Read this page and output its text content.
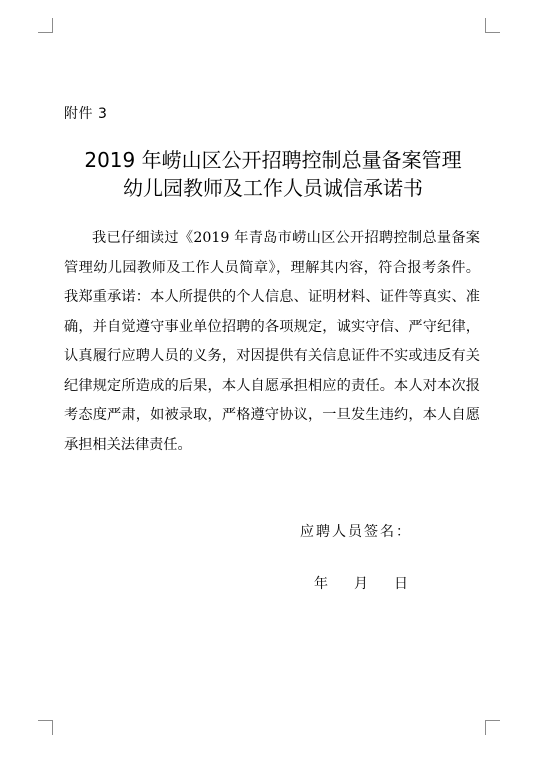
附件 3
2019 年崂山区公开招聘控制总量备案管理
幼儿园教师及工作人员诚信承诺书

我已仔细读过《2019 年青岛市崂山区公开招聘控制总量备案管理幼儿园教师及工作人员简章》，理解其内容，符合报考条件。我郑重承诺：本人所提供的个人信息、证明材料、证件等真实、准确，并自觉遵守事业单位招聘的各项规定，诚实守信、严守纪律，认真履行应聘人员的义务，对因提供有关信息证件不实或违反有关纪律规定所造成的后果，本人自愿承担相应的责任。本人对本次报考态度严肃，如被录取，严格遵守协议，一旦发生违约，本人自愿承担相关法律责任。

应聘人员签名：
年 月 日
